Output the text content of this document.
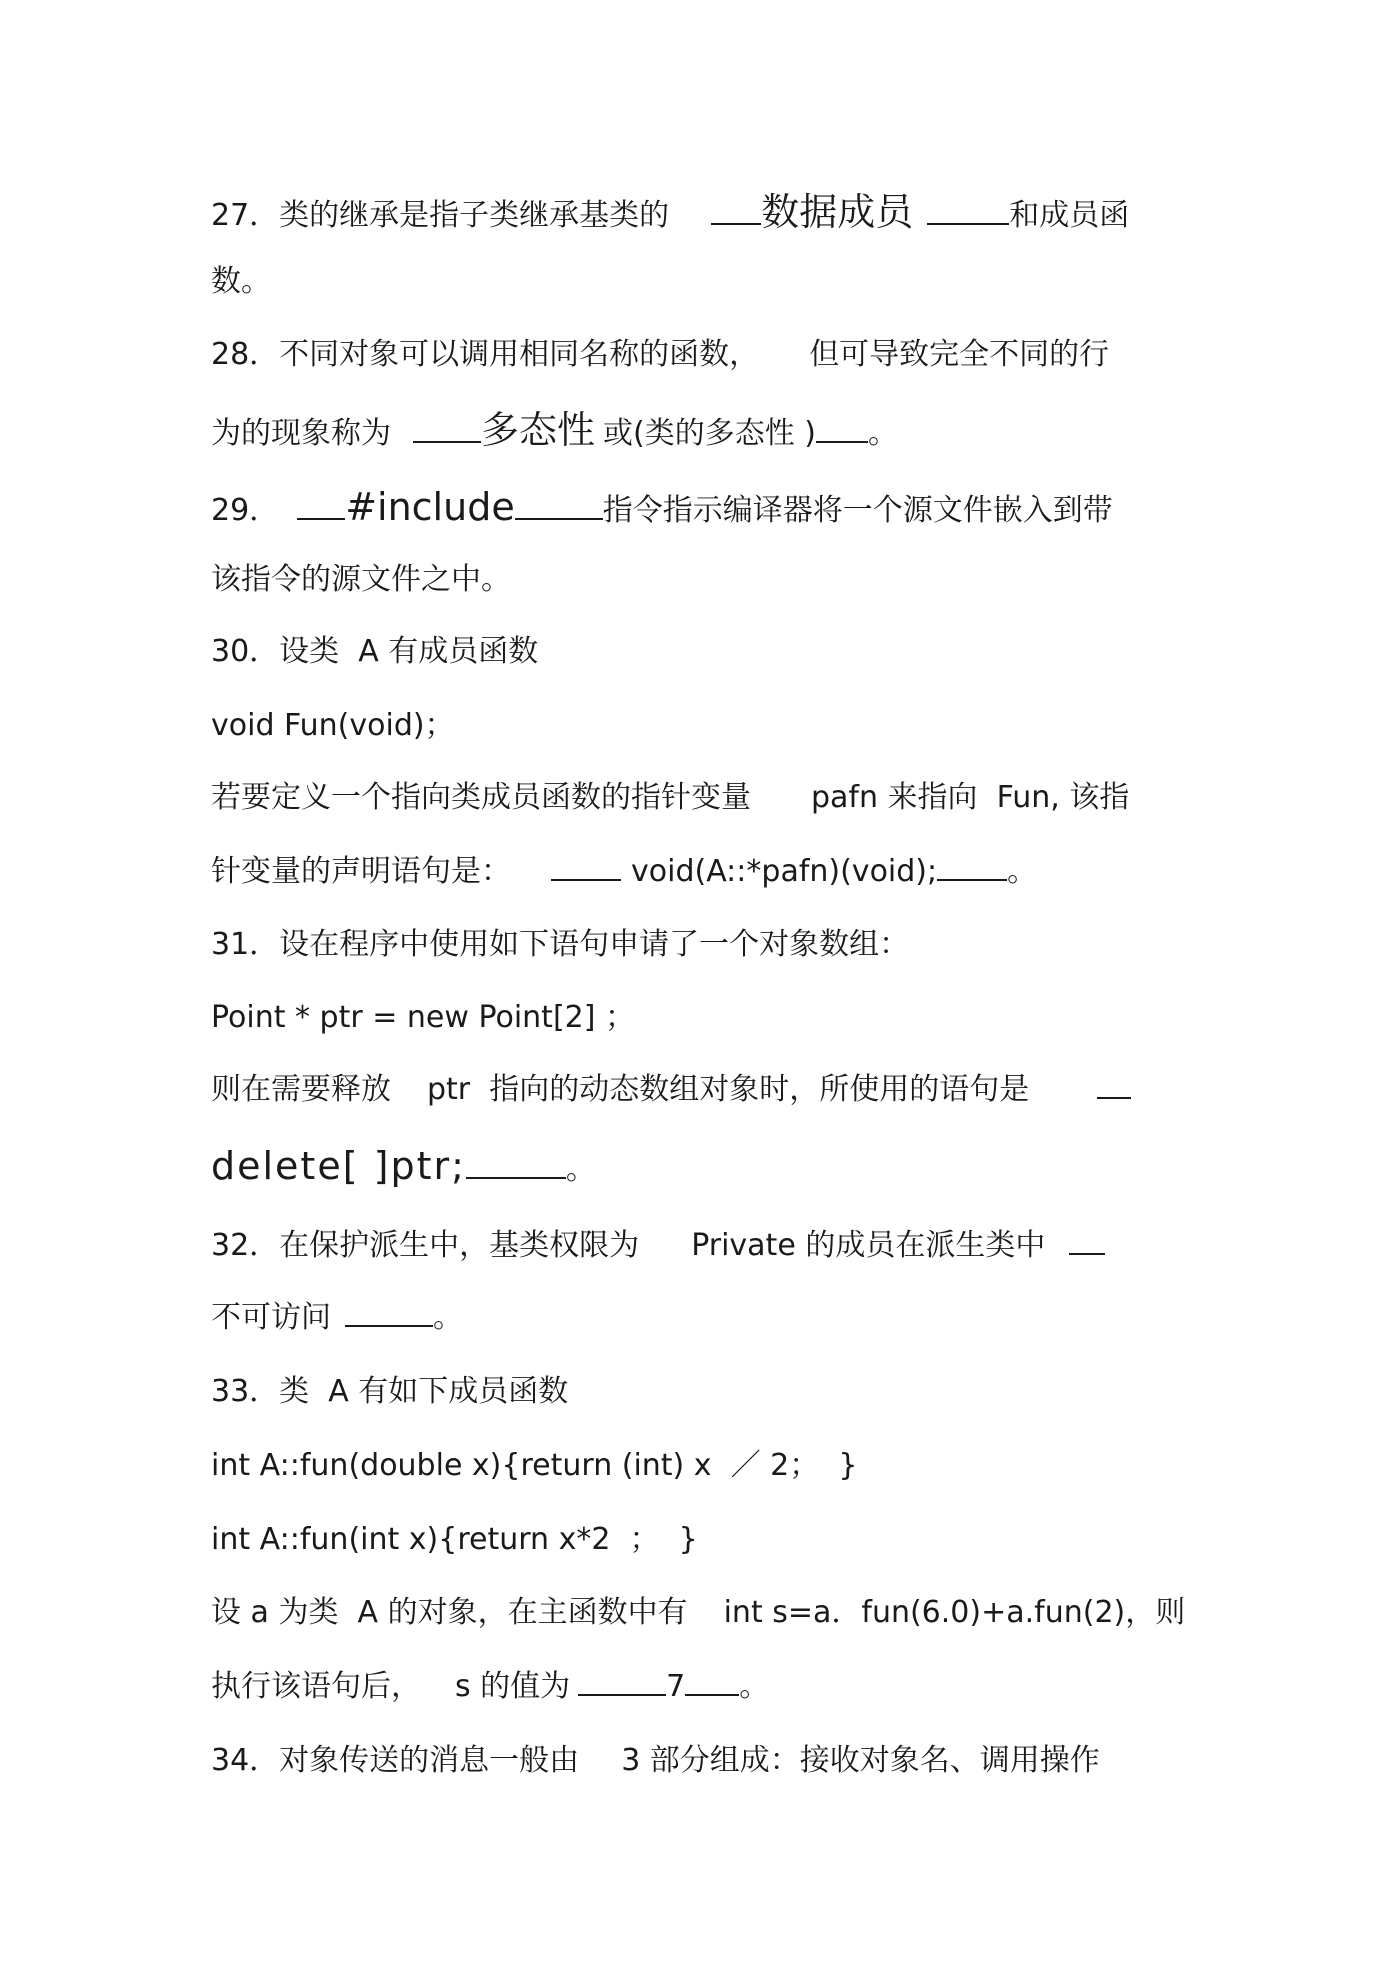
27．类的继承是指子类继承基类的 数据成员	和成员函
数。
28．不同对象可以调用相同名称的函数， 但可导致完全不同的行
为的现象称为 多态性 或(类的多态性 ) 。
29． #include	指令指示编译器将一个源文件嵌入到带
该指令的源文件之中。
30．设类  A 有成员函数
void Fun(void)；
若要定义一个指向类成员函数的指针变量 pafn 来指向  Fun, 该指
针变量的声明语句是：	void(A::*pafn)(void); 。
31．设在程序中使用如下语句申请了一个对象数组：
Point * ptr = new Point[2] ；
则在需要释放 ptr  指向的动态数组对象时，所使用的语句是
delete[ ]ptr;	。
32．在保护派生中，基类权限为 Private 的成员在派生类中
不可访问	。
33．类  A 有如下成员函数
int A::fun(double x){return (int) x  ／ 2；  }
int A::fun(int x){return x*2  ；  }
设 a 为类  A 的对象，在主函数中有 int s=a．fun(6.0)+a.fun(2)，则
执行该语句后， s 的值为	7 。
34．对象传送的消息一般由 3 部分组成：接收对象名、调用操作
